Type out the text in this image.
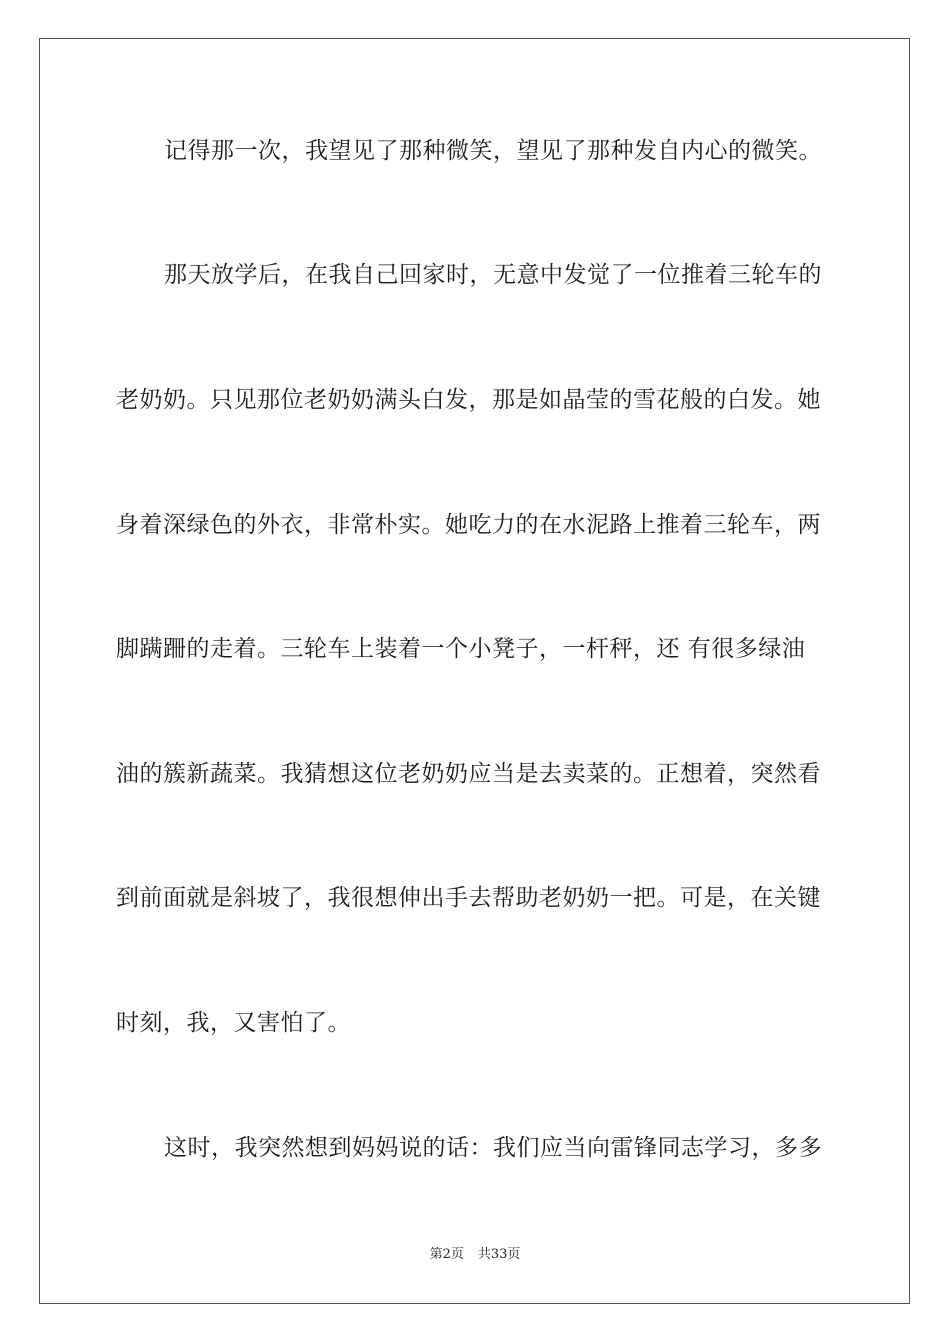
记得那一次，我望见了那种微笑，望见了那种发自内心的微笑。
那天放学后，在我自己回家时，无意中发觉了一位推着三轮车的
老奶奶。只见那位老奶奶满头白发，那是如晶莹的雪花般的白发。她
身着深绿色的外衣，非常朴实。她吃力的在水泥路上推着三轮车，两
脚蹒跚的走着。三轮车上装着一个小凳子，一杆秤，还 有很多绿油
油的簇新蔬菜。我猜想这位老奶奶应当是去卖菜的。正想着，突然看
到前面就是斜坡了，我很想伸出手去帮助老奶奶一把。可是，在关键
时刻，我，又害怕了。
这时，我突然想到妈妈说的话：我们应当向雷锋同志学习，多多
第2页 共33页
